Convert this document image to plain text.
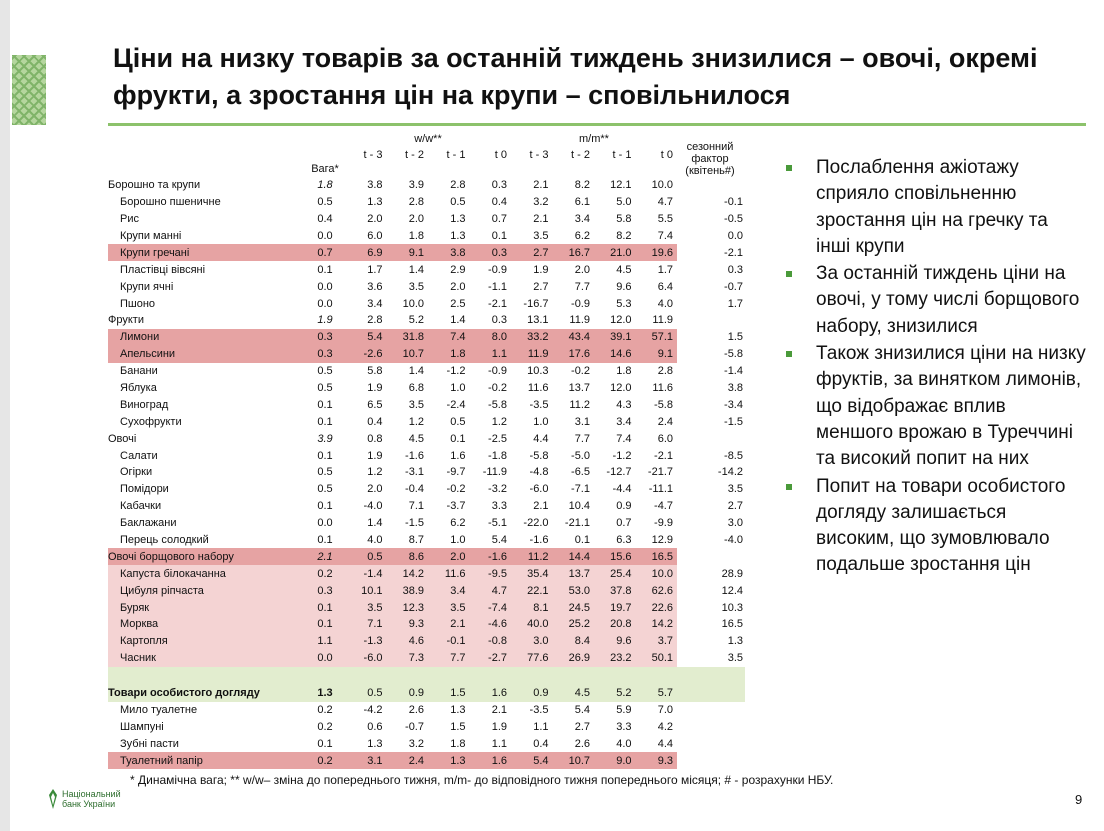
Ціни на низку товарів за останній тиждень знизилися – овочі, окремі фрукти, а зростання цін на крупи – сповільнилося
		w/w**				m/m**				сезонний
фактор
(квітень#)

	Вага*	t - 3	t - 2	t - 1	t 0	t - 3	t - 2	t - 1	t 0	
Борошно та крупи	1.8	3.8	3.9	2.8	0.3	2.1	8.2	12.1	10.0	
Борошно пшеничне	0.5	1.3	2.8	0.5	0.4	3.2	6.1	5.0	4.7	-0.1
Рис	0.4	2.0	2.0	1.3	0.7	2.1	3.4	5.8	5.5	-0.5
Крупи манні	0.0	6.0	1.8	1.3	0.1	3.5	6.2	8.2	7.4	0.0
Крупи гречані	0.7	6.9	9.1	3.8	0.3	2.7	16.7	21.0	19.6	-2.1
Пластівці вівсяні	0.1	1.7	1.4	2.9	-0.9	1.9	2.0	4.5	1.7	0.3
Крупи ячні	0.0	3.6	3.5	2.0	-1.1	2.7	7.7	9.6	6.4	-0.7
Пшоно	0.0	3.4	10.0	2.5	-2.1	-16.7	-0.9	5.3	4.0	1.7
Фрукти	1.9	2.8	5.2	1.4	0.3	13.1	11.9	12.0	11.9	
Лимони	0.3	5.4	31.8	7.4	8.0	33.2	43.4	39.1	57.1	1.5
Апельсини	0.3	-2.6	10.7	1.8	1.1	11.9	17.6	14.6	9.1	-5.8
Банани	0.5	5.8	1.4	-1.2	-0.9	10.3	-0.2	1.8	2.8	-1.4
Яблука	0.5	1.9	6.8	1.0	-0.2	11.6	13.7	12.0	11.6	3.8
Виноград	0.1	6.5	3.5	-2.4	-5.8	-3.5	11.2	4.3	-5.8	-3.4
Сухофрукти	0.1	0.4	1.2	0.5	1.2	1.0	3.1	3.4	2.4	-1.5
Овочі	3.9	0.8	4.5	0.1	-2.5	4.4	7.7	7.4	6.0	
Салати	0.1	1.9	-1.6	1.6	-1.8	-5.8	-5.0	-1.2	-2.1	-8.5
Огірки	0.5	1.2	-3.1	-9.7	-11.9	-4.8	-6.5	-12.7	-21.7	-14.2
Помідори	0.5	2.0	-0.4	-0.2	-3.2	-6.0	-7.1	-4.4	-11.1	3.5
Кабачки	0.1	-4.0	7.1	-3.7	3.3	2.1	10.4	0.9	-4.7	2.7
Баклажани	0.0	1.4	-1.5	6.2	-5.1	-22.0	-21.1	0.7	-9.9	3.0
Перець солодкий	0.1	4.0	8.7	1.0	5.4	-1.6	0.1	6.3	12.9	-4.0
Овочі борщового набору	2.1	0.5	8.6	2.0	-1.6	11.2	14.4	15.6	16.5	
Капуста білокачанна	0.2	-1.4	14.2	11.6	-9.5	35.4	13.7	25.4	10.0	28.9
Цибуля ріпчаста	0.3	10.1	38.9	3.4	4.7	22.1	53.0	37.8	62.6	12.4
Буряк	0.1	3.5	12.3	3.5	-7.4	8.1	24.5	19.7	22.6	10.3
Морква	0.1	7.1	9.3	2.1	-4.6	40.0	25.2	20.8	14.2	16.5
Картопля	1.1	-1.3	4.6	-0.1	-0.8	3.0	8.4	9.6	3.7	1.3
Часник	0.0	-6.0	7.3	7.7	-2.7	77.6	26.9	23.2	50.1	3.5

Товари особистого догляду	1.3	0.5	0.9	1.5	1.6	0.9	4.5	5.2	5.7	
Мило туалетне	0.2	-4.2	2.6	1.3	2.1	-3.5	5.4	5.9	7.0	
Шампуні	0.2	0.6	-0.7	1.5	1.9	1.1	2.7	3.3	4.2	
Зубні пасти	0.1	1.3	3.2	1.8	1.1	0.4	2.6	4.0	4.4	
Туалетний папір	0.2	3.1	2.4	1.3	1.6	5.4	10.7	9.0	9.3	
Послаблення ажіотажу сприяло сповільненню зростання цін на гречку та інші крупи
За останній тиждень ціни на овочі, у тому числі борщового набору, знизилися
Також знизилися ціни на низку фруктів, за винятком лимонів, що відображає вплив меншого врожаю в Туреччині та високий попит на них
Попит на товари особистого догляду залишається високим, що зумовлювало подальше зростання цін
* Динамічна вага; ** w/w– зміна до попереднього тижня, m/m- до відповідного тижня попереднього місяця; # - розрахунки НБУ.
Національний
банк України	9
